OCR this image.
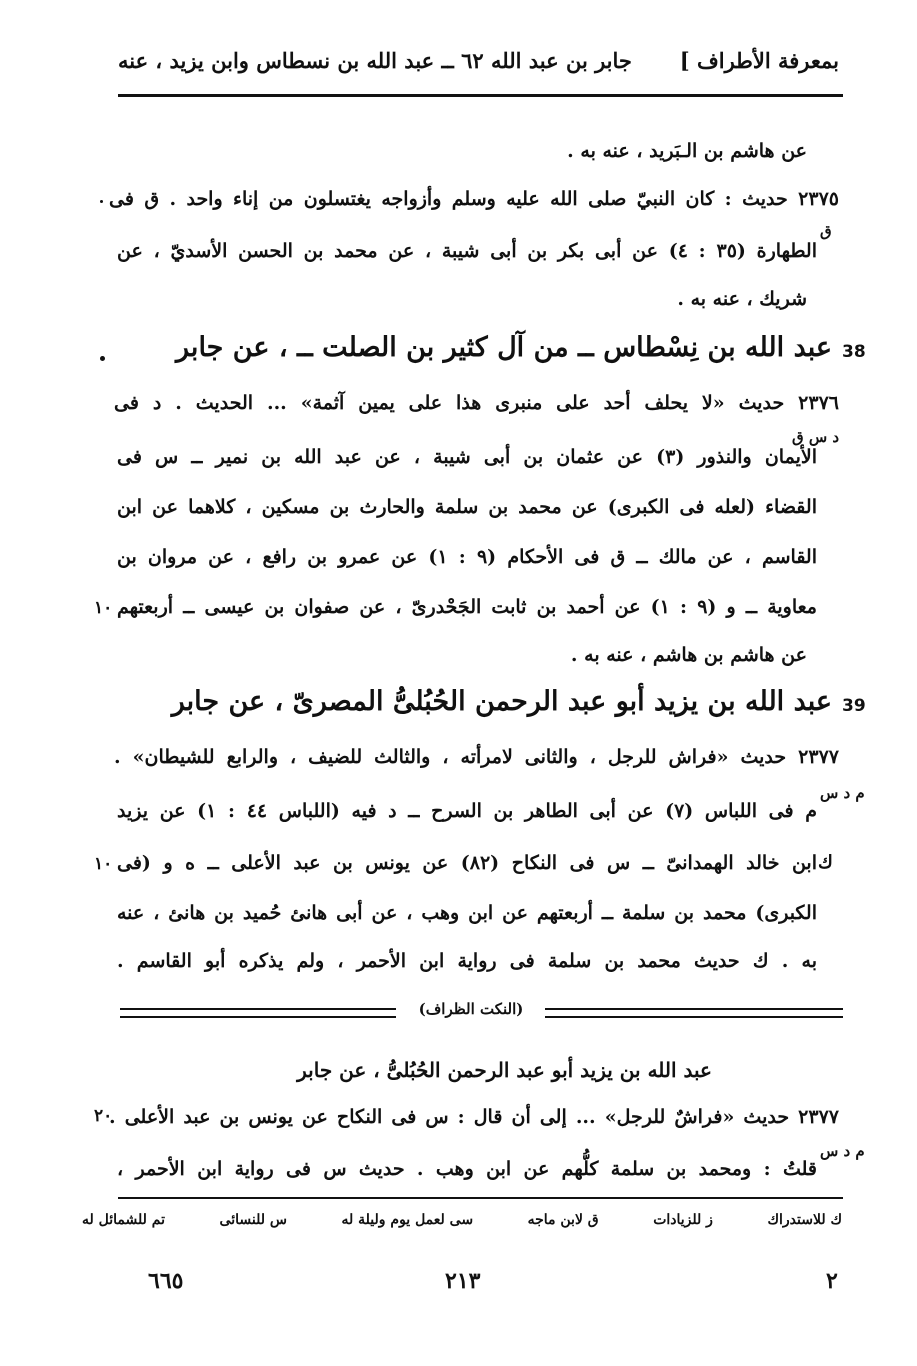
بمعرفة الأطراف ]
جابر بن عبد الله ٦٢ ــ عبد الله بن نسطاس وابن يزيد ، عنه
عن هاشم بن الـبَريد ، عنه به .
٢٣٧٥ حديث : كان النبيّ صلى الله عليه وسلم وأزواجه يغتسلون من إناء واحد . ق فى
ق
الطهارة (٣٥ : ٤) عن أبى بكر بن أبى شيبة ، عن محمد بن الحسن الأسديّ ، عن
شريك ، عنه به .
38
عبد الله بن نِسْطاس ــ من آل كثير بن الصلت ــ ، عن جابر
٢٣٧٦ حديث «لا يحلف أحد على منبرى هذا على يمين آثمة» ... الحديث . د فى
د س ق
الأيمان والنذور (٣) عن عثمان بن أبى شيبة ، عن عبد الله بن نمير ــ س فى
القضاء (لعله فى الكبرى) عن محمد بن سلمة والحارث بن مسكين ، كلاهما عن ابن
القاسم ، عن مالك ــ ق فى الأحكام (٩ : ١) عن عمرو بن رافع ، عن مروان بن
معاوية ــ و (٩ : ١) عن أحمد بن ثابت الجَحْدرىّ ، عن صفوان بن عيسى ــ أربعتهم
١٠
عن هاشم بن هاشم ، عنه به .
39
عبد الله بن يزيد أبو عبد الرحمن الحُبُلىُّ المصرىّ ، عن جابر
٢٣٧٧ حديث «فراش للرجل ، والثانى لامرأته ، والثالث للضيف ، والرابع للشيطان» .
م د س
م فى اللباس (٧) عن أبى الطاهر بن السرح ــ د فيه (اللباس ٤٤ : ١) عن يزيد
ك
ابن خالد الهمدانىّ ــ س فى النكاح (٨٢) عن يونس بن عبد الأعلى ــ ه و (فى
١٠
الكبرى) محمد بن سلمة ــ أربعتهم عن ابن وهب ، عن أبى هانئ حُميد بن هانئ ، عنه
به . ك حديث محمد بن سلمة فى رواية ابن الأحمر ، ولم يذكره أبو القاسم .
(النكت الظراف)
عبد الله بن يزيد أبو عبد الرحمن الحُبُلىُّ ، عن جابر
٢٣٧٧ حديث «فراشٌ للرجل» ... إلى أن قال : س فى النكاح عن يونس بن عبد الأعلى .
٢٠
م د س
قلتُ : ومحمد بن سلمة كلُّهم عن ابن وهب . حديث س فى رواية ابن الأحمر ،
تم للشمائل له	س للنسائى	سى لعمل يوم وليلة له	ق لابن ماجه	ز للزيادات	ك للاستدراك
٢
٢١٣
٦٦٥
